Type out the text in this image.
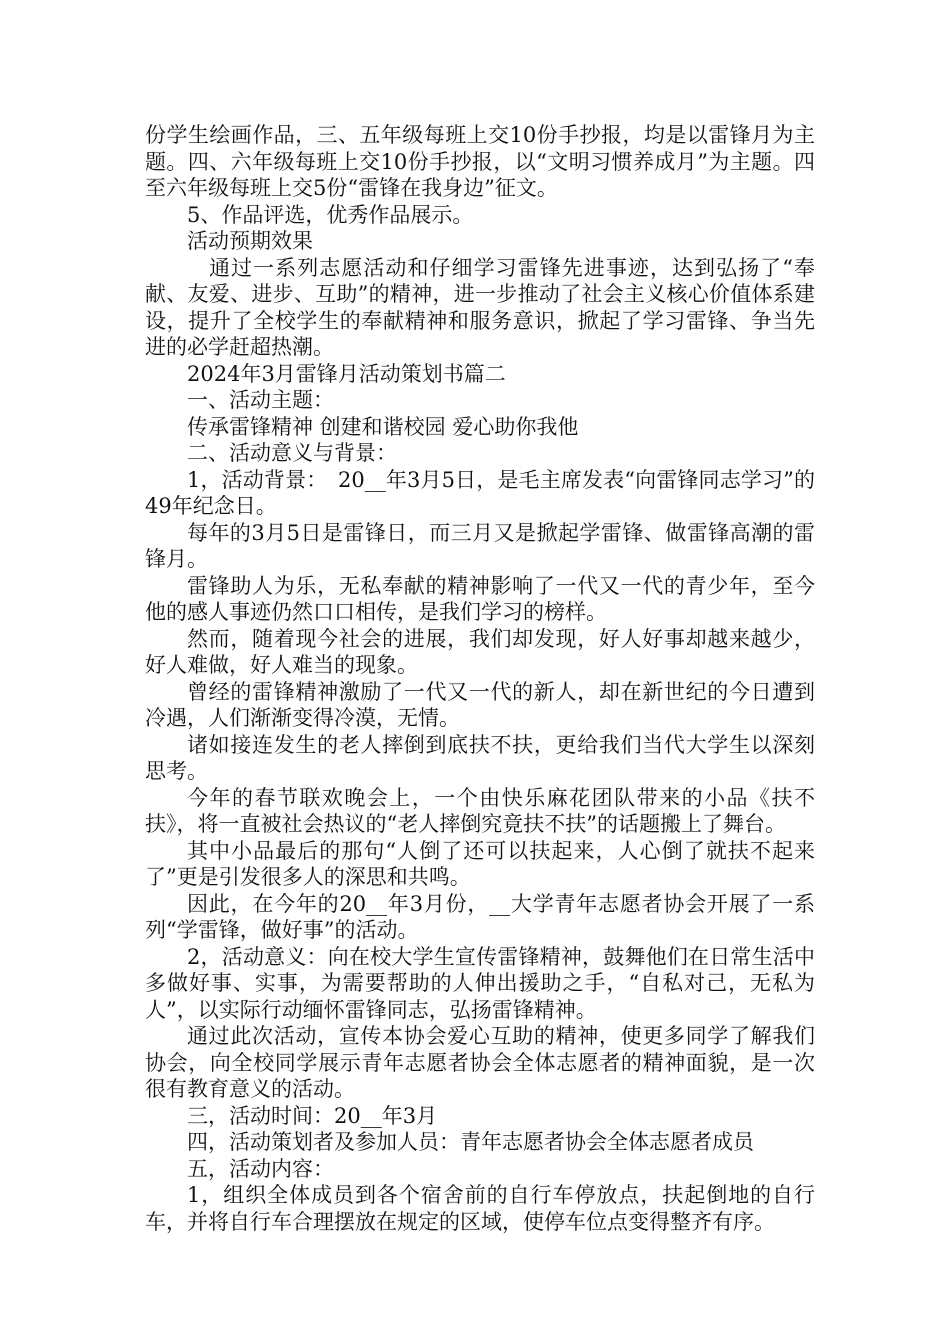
份学生绘画作品，三、五年级每班上交10份手抄报，均是以雷锋月为主题。四、六年级每班上交10份手抄报，以“文明习惯养成月”为主题。四至六年级每班上交5份“雷锋在我身边”征文。

5、作品评选，优秀作品展示。

活动预期效果

　通过一系列志愿活动和仔细学习雷锋先进事迹，达到弘扬了“奉献、友爱、进步、互助”的精神，进一步推动了社会主义核心价值体系建设，提升了全校学生的奉献精神和服务意识，掀起了学习雷锋、争当先进的必学赶超热潮。

2024年3月雷锋月活动策划书篇二

一、活动主题：

传承雷锋精神 创建和谐校园 爱心助你我他

二、活动意义与背景：

1，活动背景：　20__年3月5日，是毛主席发表“向雷锋同志学习”的49年纪念日。

每年的3月5日是雷锋日，而三月又是掀起学雷锋、做雷锋高潮的雷锋月。

雷锋助人为乐，无私奉献的精神影响了一代又一代的青少年，至今他的感人事迹仍然口口相传，是我们学习的榜样。

然而，随着现今社会的进展，我们却发现，好人好事却越来越少，好人难做，好人难当的现象。

曾经的雷锋精神激励了一代又一代的新人，却在新世纪的今日遭到冷遇，人们渐渐变得冷漠，无情。

诸如接连发生的老人摔倒到底扶不扶，更给我们当代大学生以深刻思考。

今年的春节联欢晚会上，一个由快乐麻花团队带来的小品《扶不扶》，将一直被社会热议的“老人摔倒究竟扶不扶”的话题搬上了舞台。

其中小品最后的那句“人倒了还可以扶起来，人心倒了就扶不起来了”更是引发很多人的深思和共鸣。

因此，在今年的20__年3月份，__大学青年志愿者协会开展了一系列“学雷锋，做好事”的活动。

2，活动意义：向在校大学生宣传雷锋精神，鼓舞他们在日常生活中多做好事、实事，为需要帮助的人伸出援助之手，“自私对己，无私为人”，以实际行动缅怀雷锋同志，弘扬雷锋精神。

通过此次活动，宣传本协会爱心互助的精神，使更多同学了解我们协会，向全校同学展示青年志愿者协会全体志愿者的精神面貌，是一次很有教育意义的活动。

三，活动时间：20__年3月

四，活动策划者及参加人员：青年志愿者协会全体志愿者成员

五，活动内容：

1，组织全体成员到各个宿舍前的自行车停放点，扶起倒地的自行车，并将自行车合理摆放在规定的区域，使停车位点变得整齐有序。
